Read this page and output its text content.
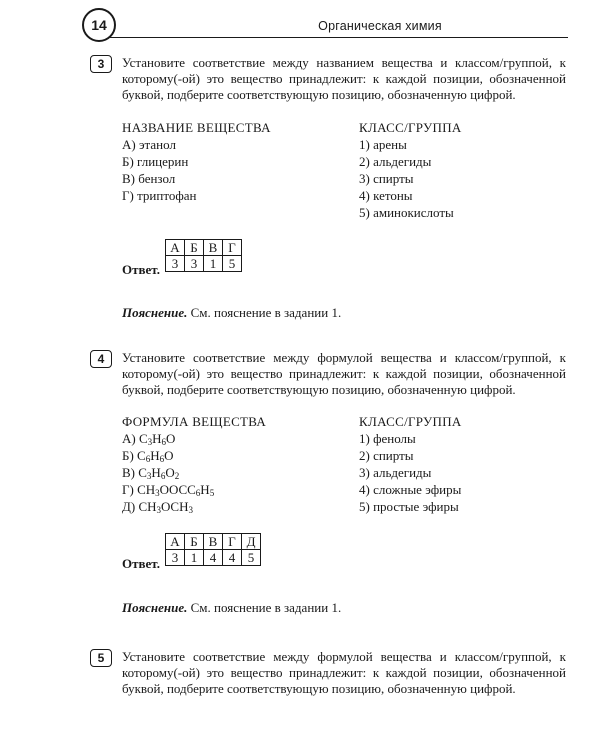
14	Органическая химия
3	Установите соответствие между названием вещества и классом/группой, к которому(-ой) это вещество принадлежит: к каждой позиции, обозначенной буквой, подберите соответствующую позицию, обозначенную цифрой.
НАЗВАНИЕ ВЕЩЕСТВА
А) этанол
Б) глицерин
В) бензол
Г) триптофан
КЛАСС/ГРУППА
1) арены
2) альдегиды
3) спирты
4) кетоны
5) аминокислоты
Ответ.
А	Б	В	Г
3	3	1	5
Пояснение. См. пояснение в задании 1.
4	Установите соответствие между формулой вещества и классом/группой, к которому(-ой) это вещество принадлежит: к каждой позиции, обозначенной буквой, подберите соответствующую позицию, обозначенную цифрой.
ФОРМУЛА ВЕЩЕСТВА
А) $C_3H_6O$
Б) $C_6H_6O$
В) $C_3H_6O_2$
Г) $CH_3OOCC_6H_5$
Д) $CH_3OCH_3$
КЛАСС/ГРУППА
1) фенолы
2) спирты
3) альдегиды
4) сложные эфиры
5) простые эфиры
Ответ.
А	Б	В	Г	Д
3	1	4	4	5
Пояснение. См. пояснение в задании 1.
5	Установите соответствие между формулой вещества и классом/группой, к которому(-ой) это вещество принадлежит: к каждой позиции, обозначенной буквой, подберите соответствующую позицию, обозначенную цифрой.
